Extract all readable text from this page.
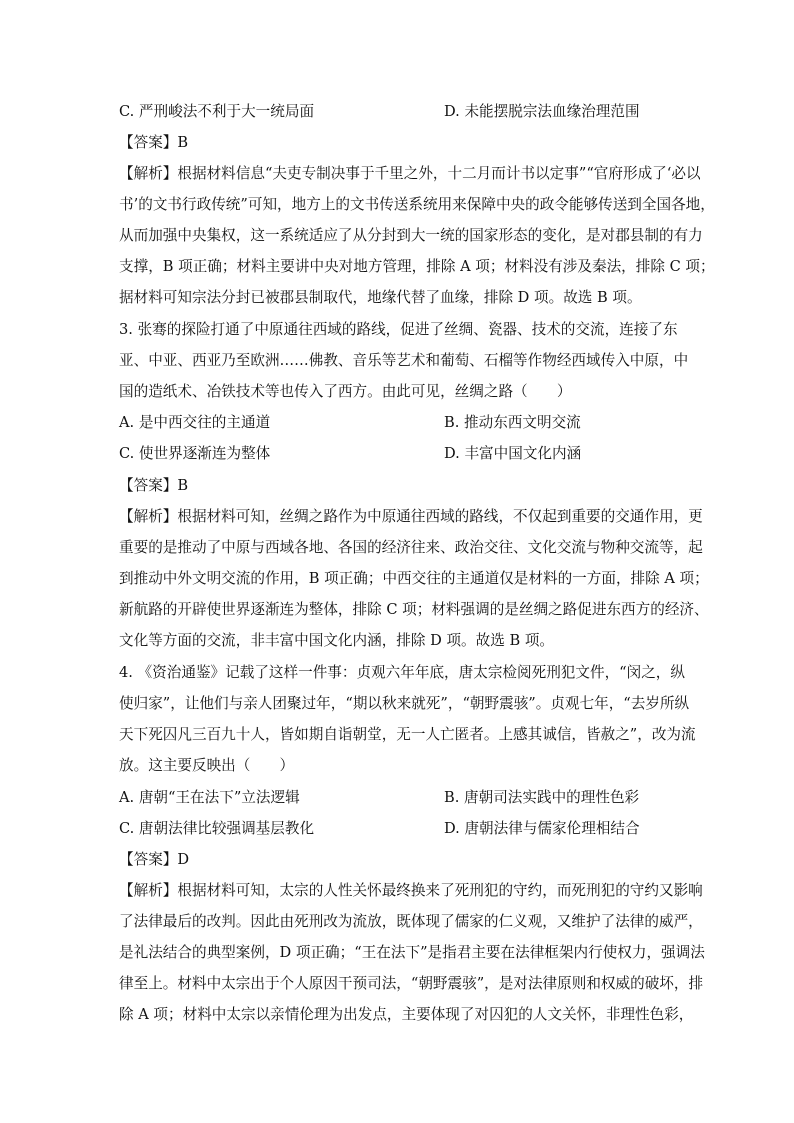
C. 严刑峻法不利于大一统局面	D. 未能摆脱宗法血缘治理范围
【答案】B
【解析】根据材料信息“夫吏专制决事于千里之外，十二月而计书以定事”“官府形成了‘必以
书’的文书行政传统”可知，地方上的文书传送系统用来保障中央的政令能够传送到全国各地，
从而加强中央集权，这一系统适应了从分封到大一统的国家形态的变化，是对郡县制的有力
支撑，B 项正确；材料主要讲中央对地方管理，排除 A 项；材料没有涉及秦法，排除 C 项；
据材料可知宗法分封已被郡县制取代，地缘代替了血缘，排除 D 项。故选 B 项。
3. 张骞的探险打通了中原通往西域的路线，促进了丝绸、瓷器、技术的交流，连接了东
亚、中亚、西亚乃至欧洲……佛教、音乐等艺术和葡萄、石榴等作物经西域传入中原，中
国的造纸术、冶铁技术等也传入了西方。由此可见，丝绸之路（　　）
A. 是中西交往的主通道	B. 推动东西文明交流
C. 使世界逐渐连为整体	D. 丰富中国文化内涵
【答案】B
【解析】根据材料可知，丝绸之路作为中原通往西域的路线，不仅起到重要的交通作用，更
重要的是推动了中原与西域各地、各国的经济往来、政治交往、文化交流与物种交流等，起
到推动中外文明交流的作用，B 项正确；中西交往的主通道仅是材料的一方面，排除 A 项；
新航路的开辟使世界逐渐连为整体，排除 C 项；材料强调的是丝绸之路促进东西方的经济、
文化等方面的交流，非丰富中国文化内涵，排除 D 项。故选 B 项。
4. 《资治通鉴》记载了这样一件事：贞观六年年底，唐太宗检阅死刑犯文件，“闵之，纵
使归家”，让他们与亲人团聚过年，“期以秋来就死”，“朝野震骇”。贞观七年，“去岁所纵
天下死囚凡三百九十人，皆如期自诣朝堂，无一人亡匿者。上感其诚信，皆赦之”，改为流
放。这主要反映出（　　）
A. 唐朝“王在法下”立法逻辑	B. 唐朝司法实践中的理性色彩
C. 唐朝法律比较强调基层教化	D. 唐朝法律与儒家伦理相结合
【答案】D
【解析】根据材料可知，太宗的人性关怀最终换来了死刑犯的守约，而死刑犯的守约又影响
了法律最后的改判。因此由死刑改为流放，既体现了儒家的仁义观，又维护了法律的威严，
是礼法结合的典型案例，D 项正确；“王在法下”是指君主要在法律框架内行使权力，强调法
律至上。材料中太宗出于个人原因干预司法，“朝野震骇”，是对法律原则和权威的破坏，排
除 A 项；材料中太宗以亲情伦理为出发点，主要体现了对囚犯的人文关怀，非理性色彩，
